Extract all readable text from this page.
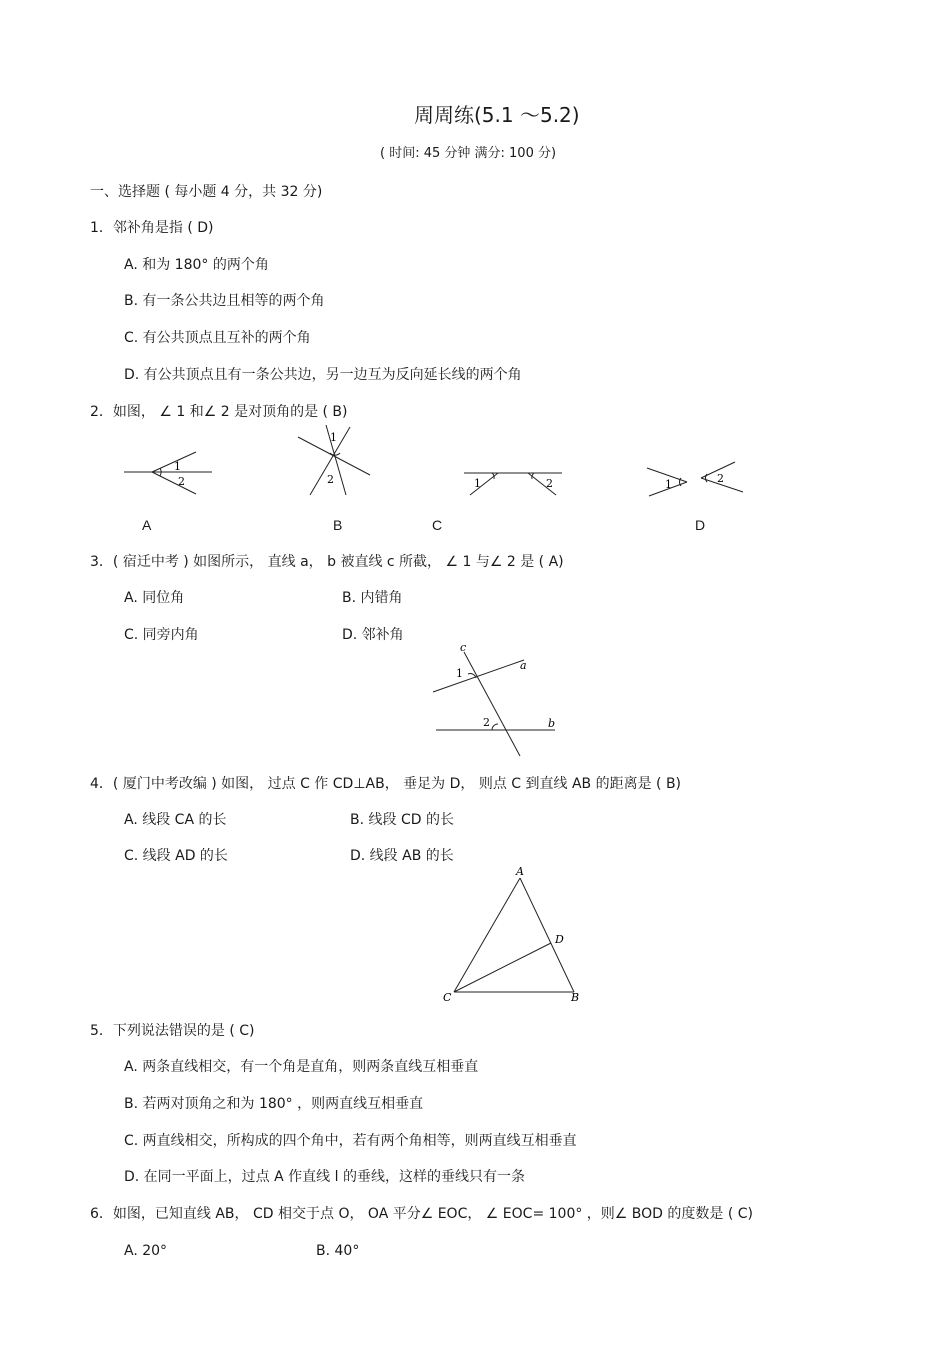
周周练(5.1 ～5.2)
( 时间: 45 分钟 满分: 100 分)
一、选择题 ( 每小题 4 分，共 32 分)
1．邻补角是指 ( D)
A. 和为 180° 的两个角
B. 有一条公共边且相等的两个角
C. 有公共顶点且互补的两个角
D. 有公共顶点且有一条公共边，另一边互为反向延长线的两个角
2．如图， ∠ 1 和∠ 2 是对顶角的是 ( B)
1
2
A
1
2
B
1	2
C
1	2
D
3．( 宿迁中考 ) 如图所示， 直线 a， b 被直线 c 所截， ∠ 1 与∠ 2 是 ( A)
A. 同位角	B. 内错角
C. 同旁内角	D. 邻补角
c
a
b
1
2
4．( 厦门中考改编 ) 如图， 过点 C 作 CD⊥AB， 垂足为 D， 则点 C 到直线 AB 的距离是 ( B)
A. 线段 CA 的长	B. 线段 CD 的长
C. 线段 AD 的长	D. 线段 AB 的长
A
B
C
D
5．下列说法错误的是 ( C)
A. 两条直线相交，有一个角是直角，则两条直线互相垂直
B. 若两对顶角之和为 180° ，则两直线互相垂直
C. 两直线相交，所构成的四个角中，若有两个角相等，则两直线互相垂直
D. 在同一平面上，过点 A 作直线 l 的垂线，这样的垂线只有一条
6．如图，已知直线 AB， CD 相交于点 O， OA 平分∠ EOC， ∠ EOC= 100° ，则∠ BOD 的度数是 ( C)
A. 20°	B. 40°
